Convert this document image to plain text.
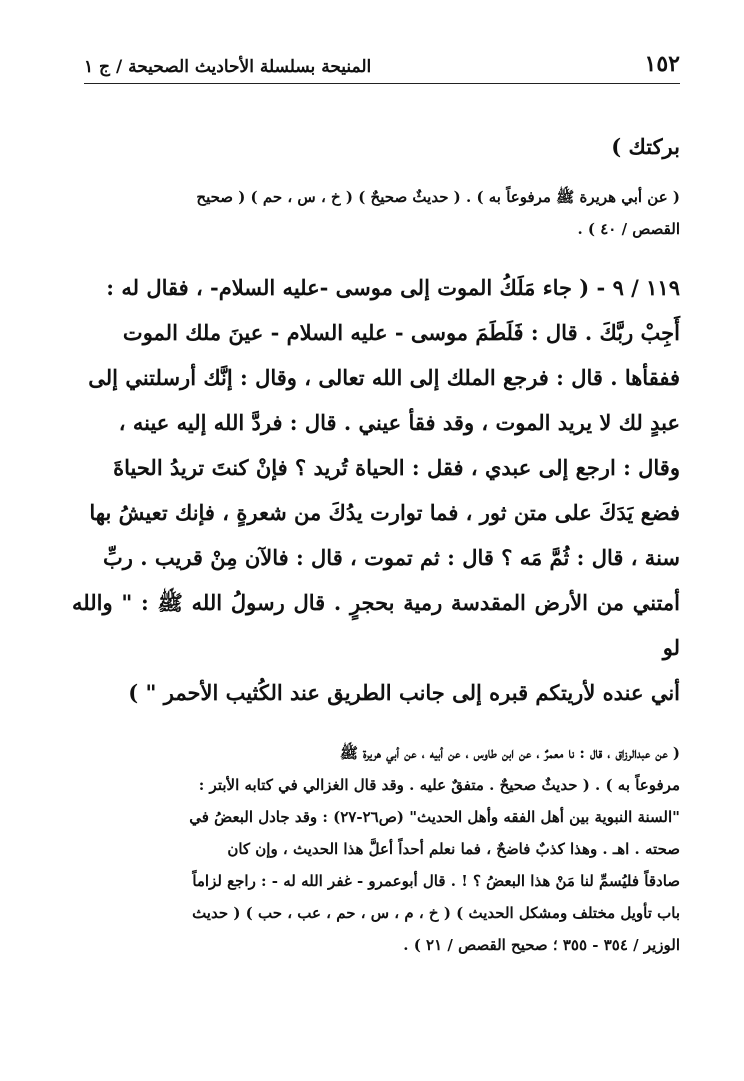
١٥٢
المنيحة بسلسلة الأحاديث الصحيحة / ج ١
بركتك )
( عن أبي هريرة ﷺ مرفوعاً به ) . ( حديثٌ صحيحٌ ) ( خ ، س ، حم ) ( صحيح
القصص / ٤٠ ) .
١١٩ / ٩ - ( جاء مَلَكُ الموت إلى موسى -عليه السلام- ، فقال له :
أَجِبْ ربَّكَ . قال : فَلَطَمَ موسى - عليه السلام - عينَ ملك الموت
ففقأها . قال : فرجع الملك إلى الله تعالى ، وقال : إنَّك أرسلتني إلى
عبدٍ لك لا يريد الموت ، وقد فقأ عيني . قال : فردَّ الله إليه عينه ،
وقال : ارجع إلى عبدي ، فقل : الحياة تُريد ؟ فإنْ كنتَ تريدُ الحياةَ
فضع يَدَكَ على متن ثور ، فما توارت يدُكَ من شعرةٍ ، فإنك تعيشُ بها
سنة ، قال : ثُمَّ مَه ؟ قال : ثم تموت ، قال : فالآن مِنْ قريب . ربِّ
أمتني من الأرض المقدسة رمية بحجرٍ . قال رسولُ الله ﷺ : " والله لو
أني عنده لأريتكم قبره إلى جانب الطريق عند الكُثيب الأحمر " )
( عن عبدالرزاق ، قال : نا معمرٌ ، عن ابن طاوس ، عن أبيه ، عن أبي هريرة ﷺ
مرفوعاً به ) . ( حديثٌ صحيحٌ . متفقٌ عليه . وقد قال الغزالي في كتابه الأبتر :
"السنة النبوية بين أهل الفقه وأهل الحديث" (ص٢٦-٢٧) : وقد جادل البعضُ في
صحته . اهـ . وهذا كذبٌ فاضحٌ ، فما نعلم أحداً أعلَّ هذا الحديث ، وإن كان
صادقاً فليُسمِّ لنا مَنْ هذا البعضُ ؟ ! . قال أبوعمرو - غفر الله له - : راجع لزاماً
باب تأويل مختلف ومشكل الحديث ) ( خ ، م ، س ، حم ، عب ، حب ) ( حديث
الوزير / ٣٥٤ - ٣٥٥ ؛ صحيح القصص / ٢١ ) .
